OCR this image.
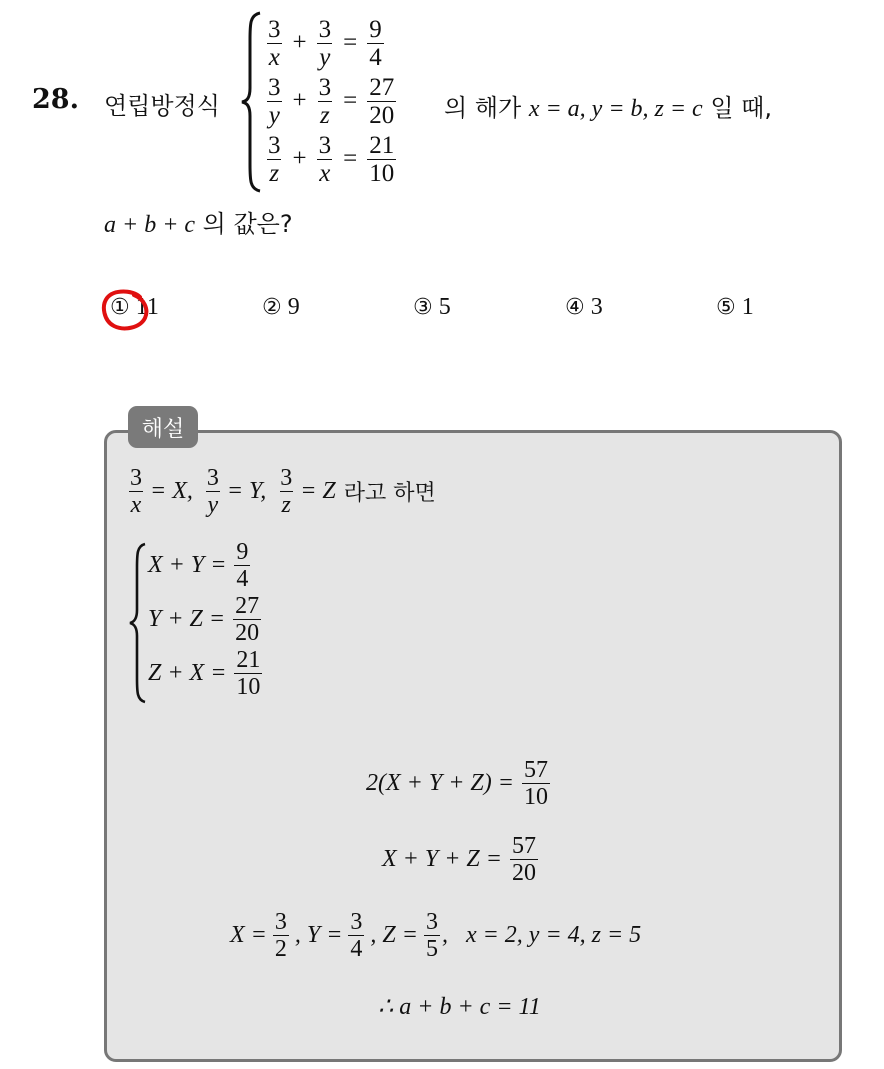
28. 연립방정식
$\frac{3}{x} + \frac{3}{y} = \frac{9}{4}$
$\frac{3}{y} + \frac{3}{z} = \frac{27}{20}$
$\frac{3}{z} + \frac{3}{x} = \frac{21}{10}$
의 해가 x = a, y = b, z = c 일 때,
a + b + c 의 값은?
① 11	② 9	③ 5	④ 3	⑤ 1
해설
$\frac{3}{x} = X$, $\frac{3}{y} = Y$, $\frac{3}{z} = Z$ 라고 하면
$X + Y = \frac{9}{4}$
$Y + Z = \frac{27}{20}$
$Z + X = \frac{21}{10}$
$2(X + Y + Z) = \frac{57}{10}$
$X + Y + Z = \frac{57}{20}$
$X = \frac{3}{2}$ , $Y = \frac{3}{4}$ , $Z = \frac{3}{5}$ ,   x = 2, y = 4, z = 5
∴ a + b + c = 11
